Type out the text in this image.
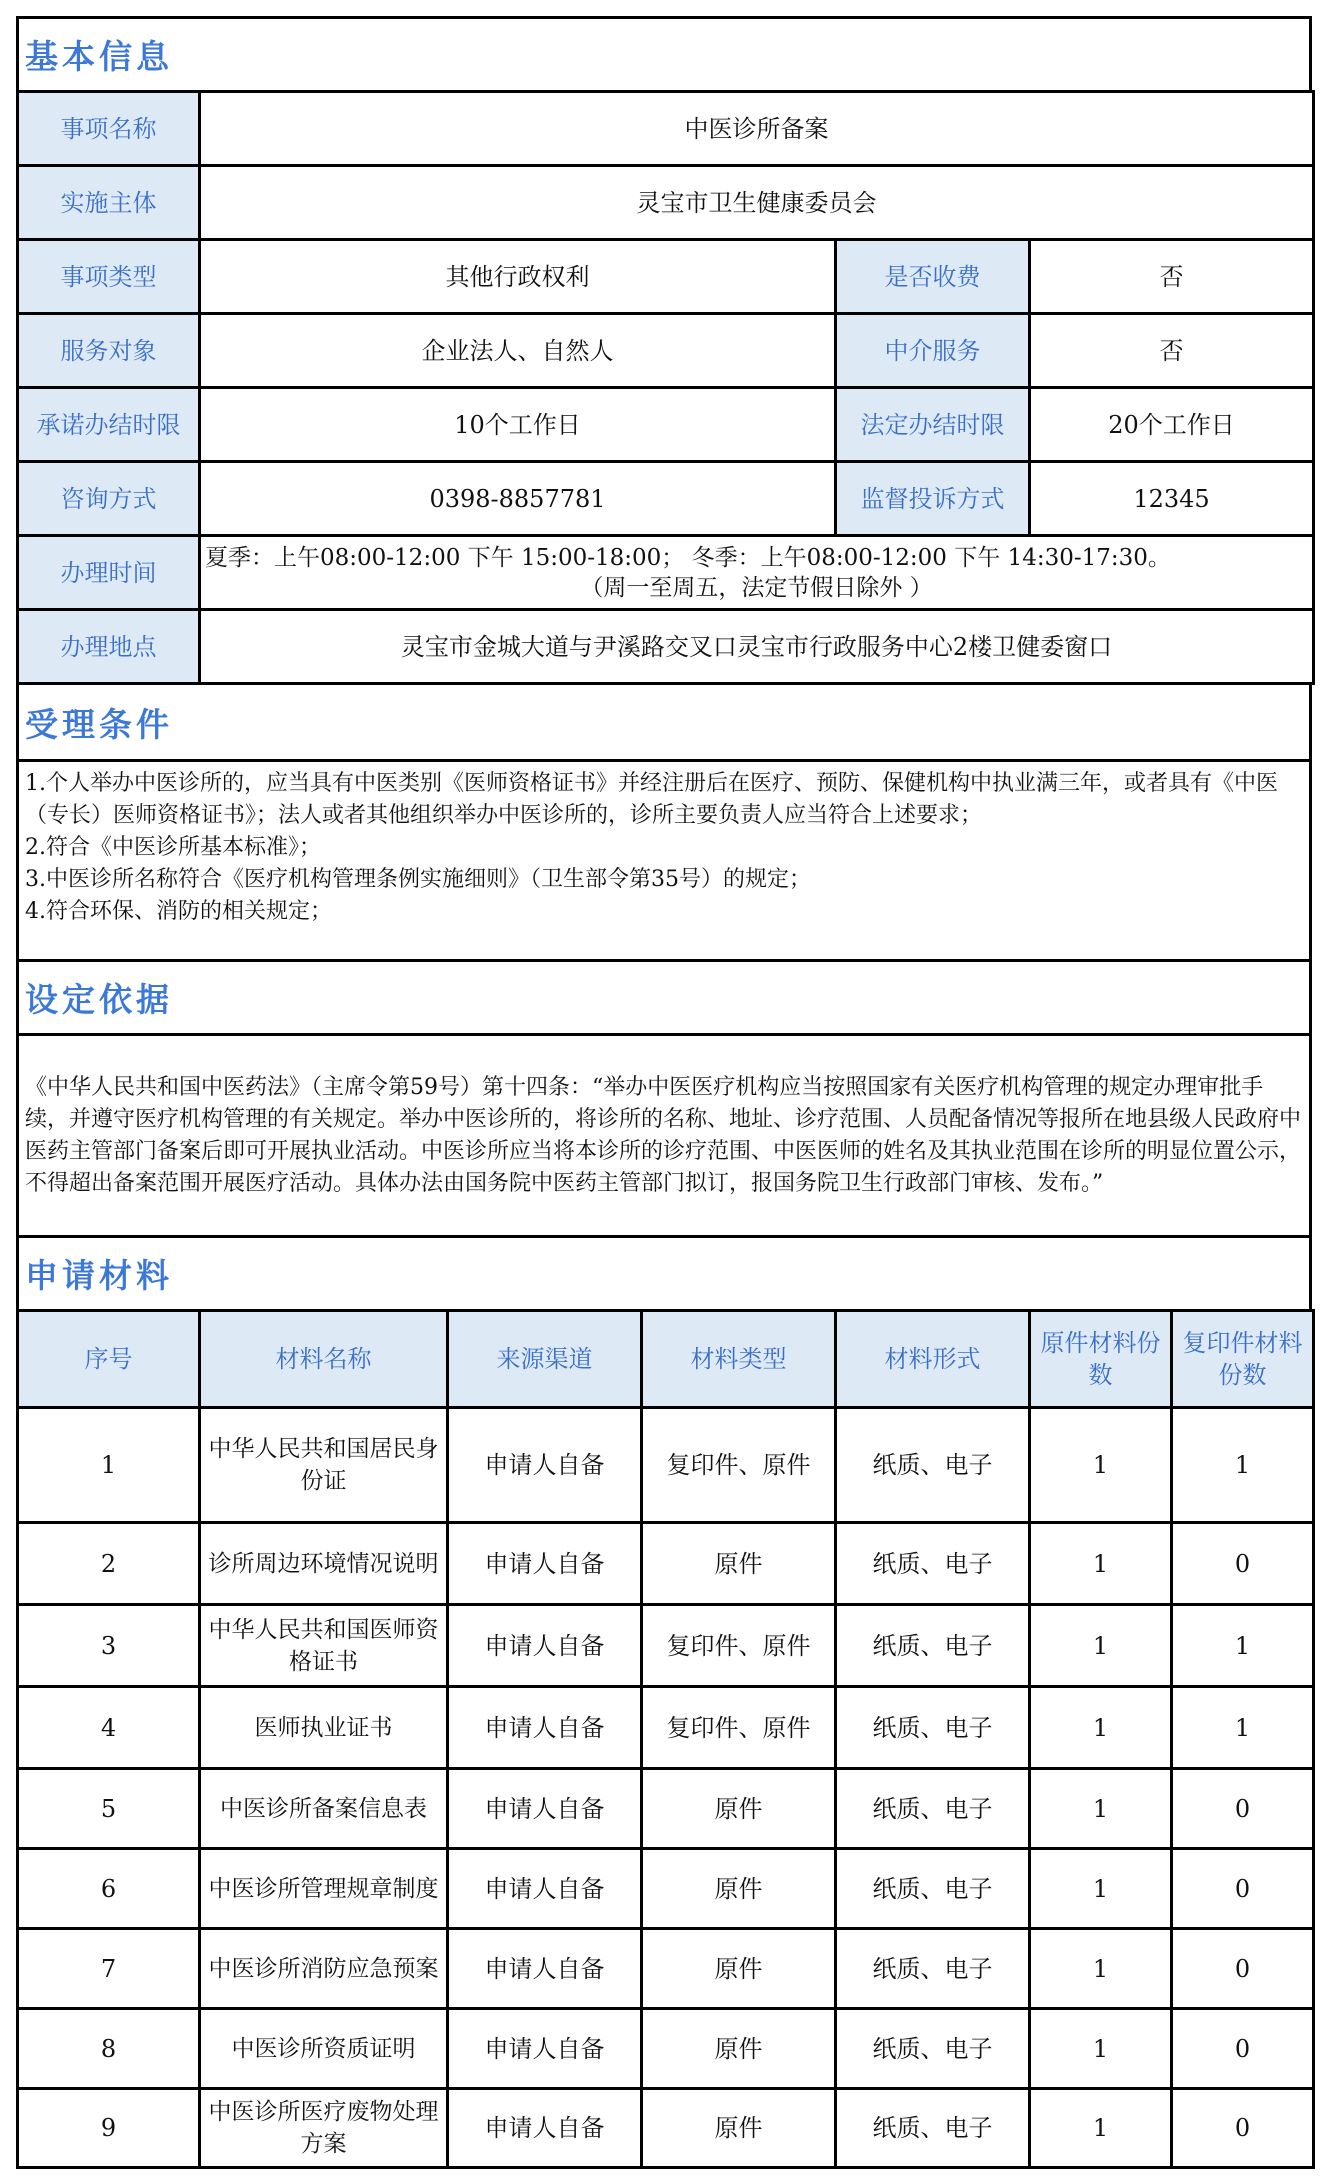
基本信息
事项名称	中医诊所备案		
实施主体	灵宝市卫生健康委员会		
事项类型	其他行政权利	是否收费	否
服务对象	企业法人、自然人	中介服务	否
承诺办结时限	10个工作日	法定办结时限	20个工作日
咨询方式	0398-8857781	监督投诉方式	12345
办理时间	夏季：上午08:00-12:00 下午 15:00-18:00； 冬季：上午08:00-12:00 下午 14:30-17:30。
（周一至周五，法定节假日除外 ）		

办理地点	灵宝市金城大道与尹溪路交叉口灵宝市行政服务中心2楼卫健委窗口		
受理条件

1.个人举办中医诊所的，应当具有中医类别《医师资格证书》并经注册后在医疗、预防、保健机构中执业满三年，或者具有《中医（专长）医师资格证书》；法人或者其他组织举办中医诊所的，诊所主要负责人应当符合上述要求；

2.符合《中医诊所基本标准》；

3.中医诊所名称符合《医疗机构管理条例实施细则》（卫生部令第35号）的规定；

4.符合环保、消防的相关规定；

设定依据

《中华人民共和国中医药法》（主席令第59号）第十四条：“举办中医医疗机构应当按照国家有关医疗机构管理的规定办理审批手续，并遵守医疗机构管理的有关规定。举办中医诊所的，将诊所的名称、地址、诊疗范围、人员配备情况等报所在地县级人民政府中医药主管部门备案后即可开展执业活动。中医诊所应当将本诊所的诊疗范围、中医医师的姓名及其执业范围在诊所的明显位置公示，不得超出备案范围开展医疗活动。具体办法由国务院中医药主管部门拟订，报国务院卫生行政部门审核、发布。”

申请材料
序号	材料名称	来源渠道	材料类型	材料形式	原件材料份数	复印件材料份数
1	中华人民共和国居民身份证	申请人自备	复印件、原件	纸质、电子	1	1
2	诊所周边环境情况说明	申请人自备	原件	纸质、电子	1	0
3	中华人民共和国医师资格证书	申请人自备	复印件、原件	纸质、电子	1	1
4	医师执业证书	申请人自备	复印件、原件	纸质、电子	1	1
5	中医诊所备案信息表	申请人自备	原件	纸质、电子	1	0
6	中医诊所管理规章制度	申请人自备	原件	纸质、电子	1	0
7	中医诊所消防应急预案	申请人自备	原件	纸质、电子	1	0
8	中医诊所资质证明	申请人自备	原件	纸质、电子	1	0
9	中医诊所医疗废物处理方案	申请人自备	原件	纸质、电子	1	0
